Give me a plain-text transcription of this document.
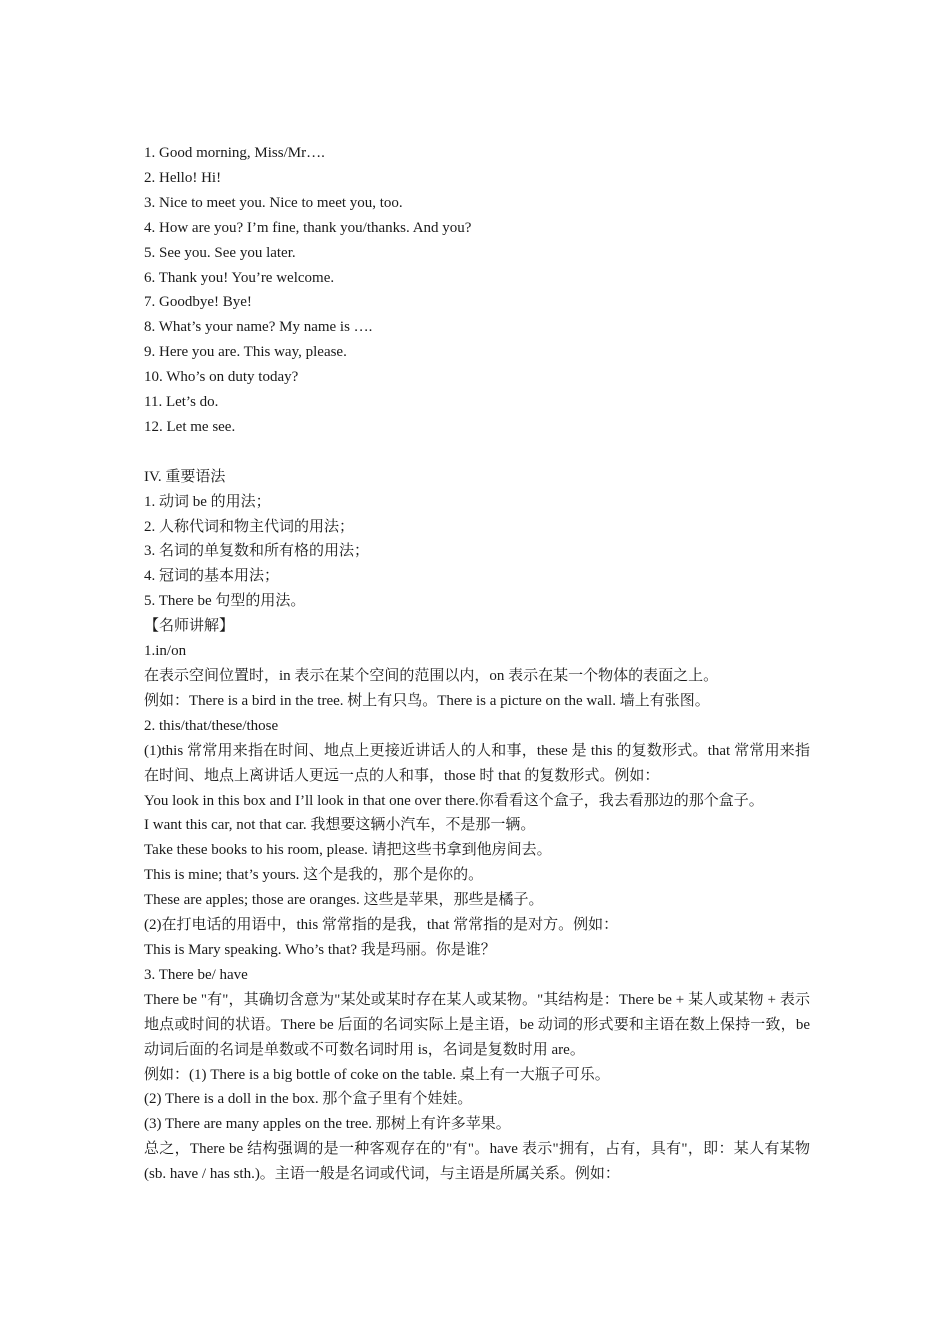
1. Good morning, Miss/Mr….
2. Hello! Hi!
3. Nice to meet you. Nice to meet you, too.
4. How are you? I’m fine, thank you/thanks. And you?
5. See you. See you later.
6. Thank you! You’re welcome.
7. Goodbye! Bye!
8. What’s your name? My name is ….
9. Here you are. This way, please.
10. Who’s on duty today?
11. Let’s do.
12. Let me see.
IV. 重要语法
1. 动词 be 的用法；
2. 人称代词和物主代词的用法；
3. 名词的单复数和所有格的用法；
4. 冠词的基本用法；
5. There be 句型的用法。
【名师讲解】
1.in/on
在表示空间位置时，in 表示在某个空间的范围以内，on 表示在某一个物体的表面之上。
例如：There is a bird in the tree. 树上有只鸟。There is a picture on the wall. 墙上有张图。
2. this/that/these/those
(1)this 常常用来指在时间、地点上更接近讲话人的人和事，these 是 this 的复数形式。that 常常用来指在时间、地点上离讲话人更远一点的人和事，those 时 that 的复数形式。例如：
You look in this box and I’ll look in that one over there.你看看这个盒子，我去看那边的那个盒子。
I want this car, not that car. 我想要这辆小汽车，不是那一辆。
Take these books to his room, please. 请把这些书拿到他房间去。
This is mine; that’s yours. 这个是我的，那个是你的。
These are apples; those are oranges. 这些是苹果，那些是橘子。
(2)在打电话的用语中，this 常常指的是我，that 常常指的是对方。例如：
This is Mary speaking. Who’s that? 我是玛丽。你是谁？
3. There be/ have
There be "有"，其确切含意为"某处或某时存在某人或某物。"其结构是：There be + 某人或某物 + 表示地点或时间的状语。There be 后面的名词实际上是主语，be 动词的形式要和主语在数上保持一致，be 动词后面的名词是单数或不可数名词时用 is，名词是复数时用 are。
例如：(1) There is a big bottle of coke on the table. 桌上有一大瓶子可乐。
(2) There is a doll in the box. 那个盒子里有个娃娃。
(3) There are many apples on the tree. 那树上有许多苹果。
总之，There be 结构强调的是一种客观存在的"有"。have 表示"拥有，占有，具有"，即：某人有某物(sb. have / has sth.)。主语一般是名词或代词，与主语是所属关系。例如：
